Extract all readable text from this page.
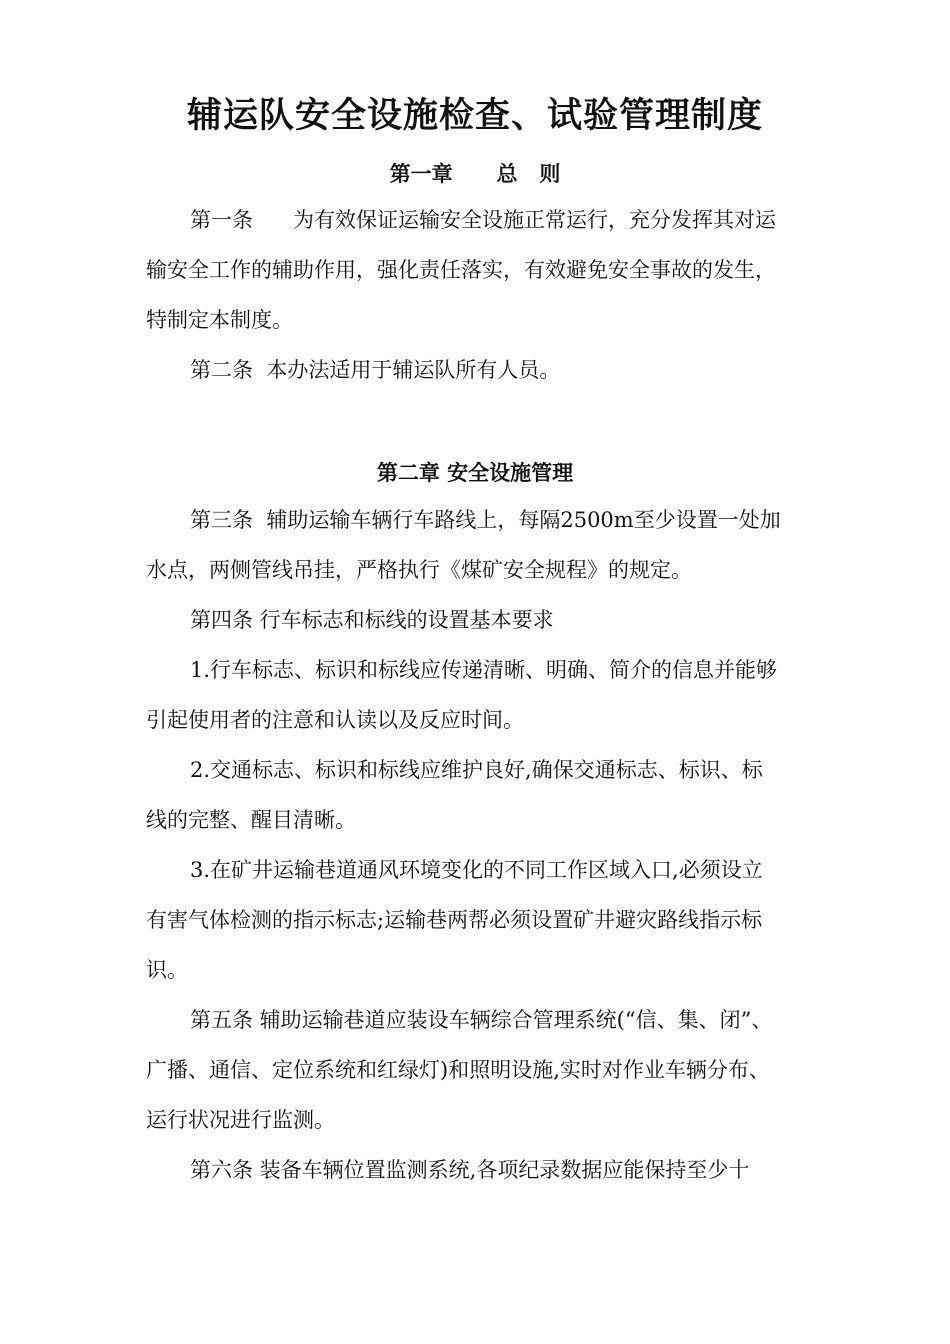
辅运队安全设施检查、试验管理制度
第一章      总   则
第一条      为有效保证运输安全设施正常运行，充分发挥其对运
输安全工作的辅助作用，强化责任落实，有效避免安全事故的发生，
特制定本制度。
第二条  本办法适用于辅运队所有人员。
第二章 安全设施管理
第三条  辅助运输车辆行车路线上，每隔2500m至少设置一处加
水点，两侧管线吊挂，严格执行《煤矿安全规程》的规定。
第四条 行车标志和标线的设置基本要求
1.行车标志、标识和标线应传递清晰、明确、简介的信息并能够
引起使用者的注意和认读以及反应时间。
2.交通标志、标识和标线应维护良好,确保交通标志、标识、标
线的完整、醒目清晰。
3.在矿井运输巷道通风环境变化的不同工作区域入口,必须设立
有害气体检测的指示标志;运输巷两帮必须设置矿井避灾路线指示标
识。
第五条 辅助运输巷道应装设车辆综合管理系统(“信、集、闭”、
广播、通信、定位系统和红绿灯)和照明设施,实时对作业车辆分布、
运行状况进行监测。
第六条 装备车辆位置监测系统,各项纪录数据应能保持至少十
